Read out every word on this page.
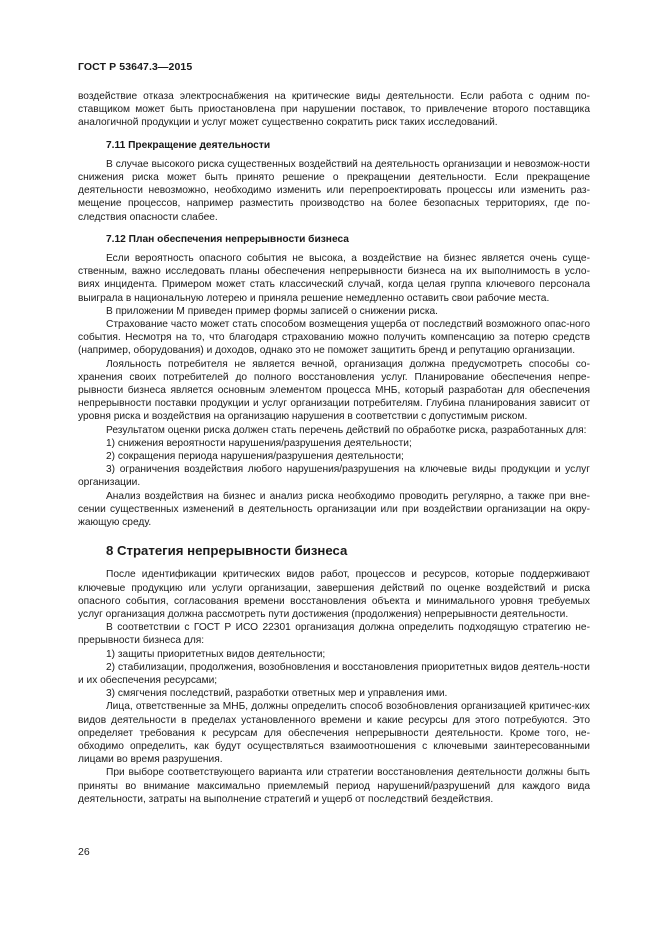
ГОСТ Р 53647.3—2015

воздействие отказа электроснабжения на критические виды деятельности. Если работа с одним по-ставщиком может быть приостановлена при нарушении поставок, то привлечение второго поставщика аналогичной продукции и услуг может существенно сократить риск таких исследований.

7.11 Прекращение деятельности

В случае высокого риска существенных воздействий на деятельность организации и невозмож-ности снижения риска может быть принято решение о прекращении деятельности. Если прекращение деятельности невозможно, необходимо изменить или перепроектировать процессы или изменить раз-мещение процессов, например разместить производство на более безопасных территориях, где по-следствия опасности слабее.

7.12 План обеспечения непрерывности бизнеса

Если вероятность опасного события не высока, а воздействие на бизнес является очень суще-ственным, важно исследовать планы обеспечения непрерывности бизнеса на их выполнимость в усло-виях инцидента. Примером может стать классический случай, когда целая группа ключевого персонала выиграла в национальную лотерею и приняла решение немедленно оставить свои рабочие места.

В приложении М приведен пример формы записей о снижении риска.

Страхование часто может стать способом возмещения ущерба от последствий возможного опас-ного события. Несмотря на то, что благодаря страхованию можно получить компенсацию за потерю средств (например, оборудования) и доходов, однако это не поможет защитить бренд и репутацию организации.

Лояльность потребителя не является вечной, организация должна предусмотреть способы со-хранения своих потребителей до полного восстановления услуг. Планирование обеспечения непре-рывности бизнеса является основным элементом процесса МНБ, который разработан для обеспечения непрерывности поставки продукции и услуг организации потребителям. Глубина планирования зависит от уровня риска и воздействия на организацию нарушения в соответствии с допустимым риском.

Результатом оценки риска должен стать перечень действий по обработке риска, разработанных для:

1) снижения вероятности нарушения/разрушения деятельности;

2) сокращения периода нарушения/разрушения деятельности;

3) ограничения воздействия любого нарушения/разрушения на ключевые виды продукции и услуг организации.

Анализ воздействия на бизнес и анализ риска необходимо проводить регулярно, а также при вне-сении существенных изменений в деятельность организации или при воздействии организации на окру-жающую среду.

8 Стратегия непрерывности бизнеса

После идентификации критических видов работ, процессов и ресурсов, которые поддерживают ключевые продукцию или услуги организации, завершения действий по оценке воздействий и риска опасного события, согласования времени восстановления объекта и минимального уровня требуемых услуг организация должна рассмотреть пути достижения (продолжения) непрерывности деятельности.

В соответствии с ГОСТ Р ИСО 22301 организация должна определить подходящую стратегию не-прерывности бизнеса для:

1) защиты приоритетных видов деятельности;

2) стабилизации, продолжения, возобновления и восстановления приоритетных видов деятель-ности и их обеспечения ресурсами;

3) смягчения последствий, разработки ответных мер и управления ими.

Лица, ответственные за МНБ, должны определить способ возобновления организацией критичес-ких видов деятельности в пределах установленного времени и какие ресурсы для этого потребуются. Это определяет требования к ресурсам для обеспечения непрерывности деятельности. Кроме того, не-обходимо определить, как будут осуществляться взаимоотношения с ключевыми заинтересованными лицами во время разрушения.

При выборе соответствующего варианта или стратегии восстановления деятельности должны быть приняты во внимание максимально приемлемый период нарушений/разрушений для каждого вида деятельности, затраты на выполнение стратегий и ущерб от последствий бездействия.

26
